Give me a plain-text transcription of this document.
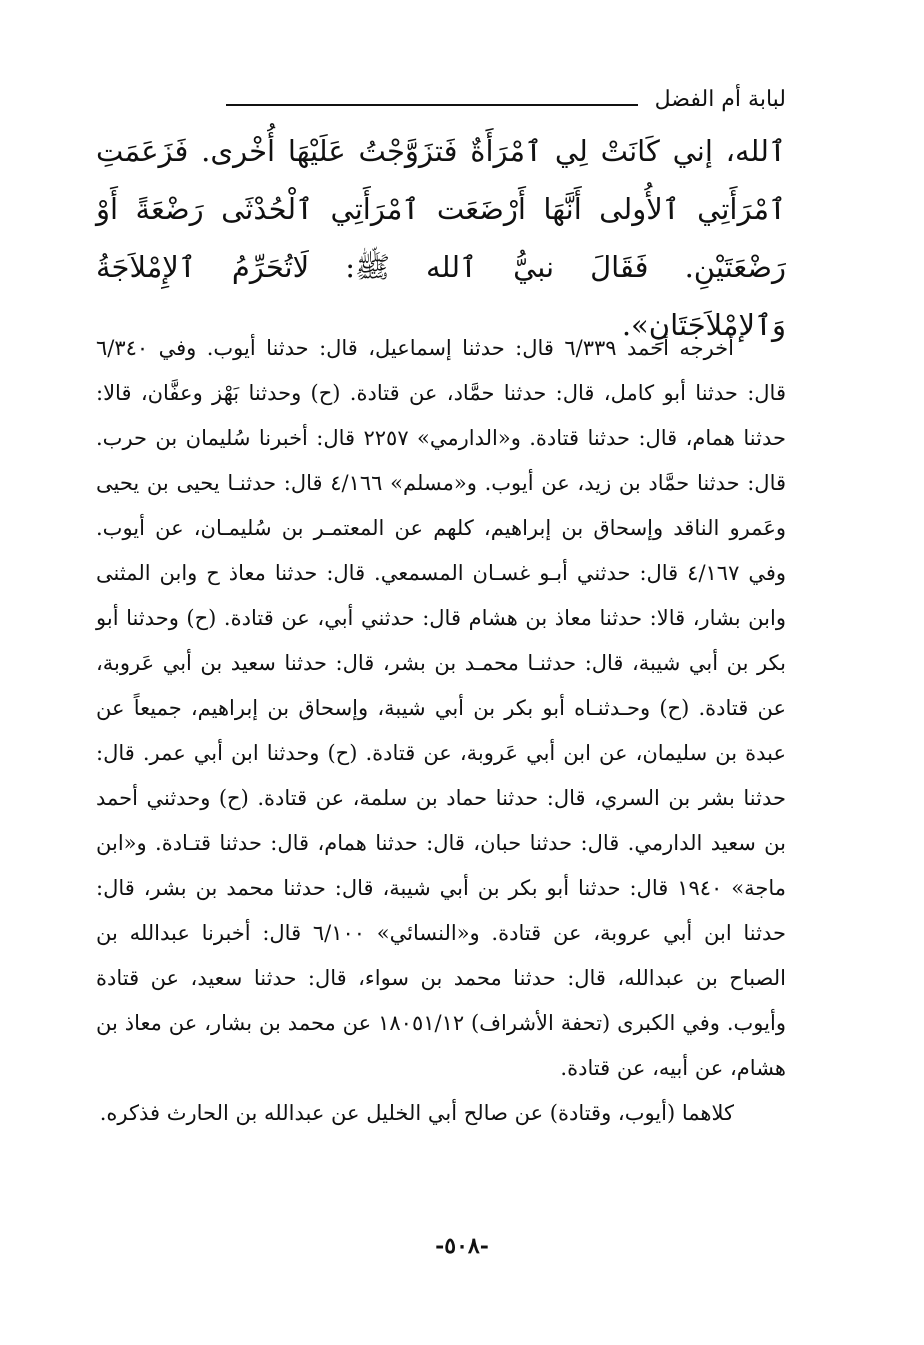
لبابة أم الفضل
ٱلله، إني كَانَتْ لِي ٱمْرَأَةٌ فَتزَوَّجْتُ عَلَيْهَا أُخْرى. فَزَعَمَتِ ٱمْرَأَتِي ٱلأُولى أَنَّهَا أَرْضَعَت ٱمْرَأَتِي ٱلْحُدْثَى رَضْعَةً أَوْ رَضْعَتَيْنِ. فَقَالَ نبيُّ ٱلله ﷺ: لَاتُحَرِّمُ ٱلإِمْلاَجَةُ وَٱلإمْلاَجَتَانِ».

أخرجه أحمد ٦/٣٣٩ قال: حدثنا إسماعيل، قال: حدثنا أيوب. وفي ٦/٣٤٠ قال: حدثنا أبو كامل، قال: حدثنا حمَّاد، عن قتادة. (ح) وحدثنا بَهْز وعفَّان، قالا: حدثنا همام، قال: حدثنا قتادة. و«الدارمي» ٢٢٥٧ قال: أخبرنا سُليمان بن حرب. قال: حدثنا حمَّاد بن زيد، عن أيوب. و«مسلم» ٤/١٦٦ قال: حدثنـا يحيى بن يحيى وعَمرو الناقد وإسحاق بن إبراهيم، كلهم عن المعتمـر بن سُليمـان، عن أيوب. وفي ٤/١٦٧ قال: حدثني أبـو غسـان المسمعي. قال: حدثنا معاذ ح وابن المثنى وابن بشار، قالا: حدثنا معاذ بن هشام قال: حدثني أبي، عن قتادة. (ح) وحدثنا أبو بكر بن أبي شيبة، قال: حدثنـا محمـد بن بشر، قال: حدثنا سعيد بن أبي عَروبة، عن قتادة. (ح) وحـدثنـاه أبو بكر بن أبي شيبة، وإسحاق بن إبراهيم، جميعاً عن عبدة بن سليمان، عن ابن أبي عَروبة، عن قتادة. (ح) وحدثنا ابن أبي عمر. قال: حدثنا بشر بن السري، قال: حدثنا حماد بن سلمة، عن قتادة. (ح) وحدثني أحمد بن سعيد الدارمي. قال: حدثنا حبان، قال: حدثنا همام، قال: حدثنا قتـادة. و«ابن ماجة» ١٩٤٠ قال: حدثنا أبو بكر بن أبي شيبة، قال: حدثنا محمد بن بشر، قال: حدثنا ابن أبي عروبة، عن قتادة. و«النسائي» ٦/١٠٠ قال: أخبرنا عبدالله بن الصباح بن عبدالله، قال: حدثنا محمد بن سواء، قال: حدثنا سعيد، عن قتادة وأيوب. وفي الكبرى (تحفة الأشراف) ١٨٠٥١/١٢ عن محمد بن بشار، عن معاذ بن هشام، عن أبيه، عن قتادة.

كلاهما (أيوب، وقتادة) عن صالح أبي الخليل عن عبدالله بن الحارث فذكره.

-٥٠٨-
